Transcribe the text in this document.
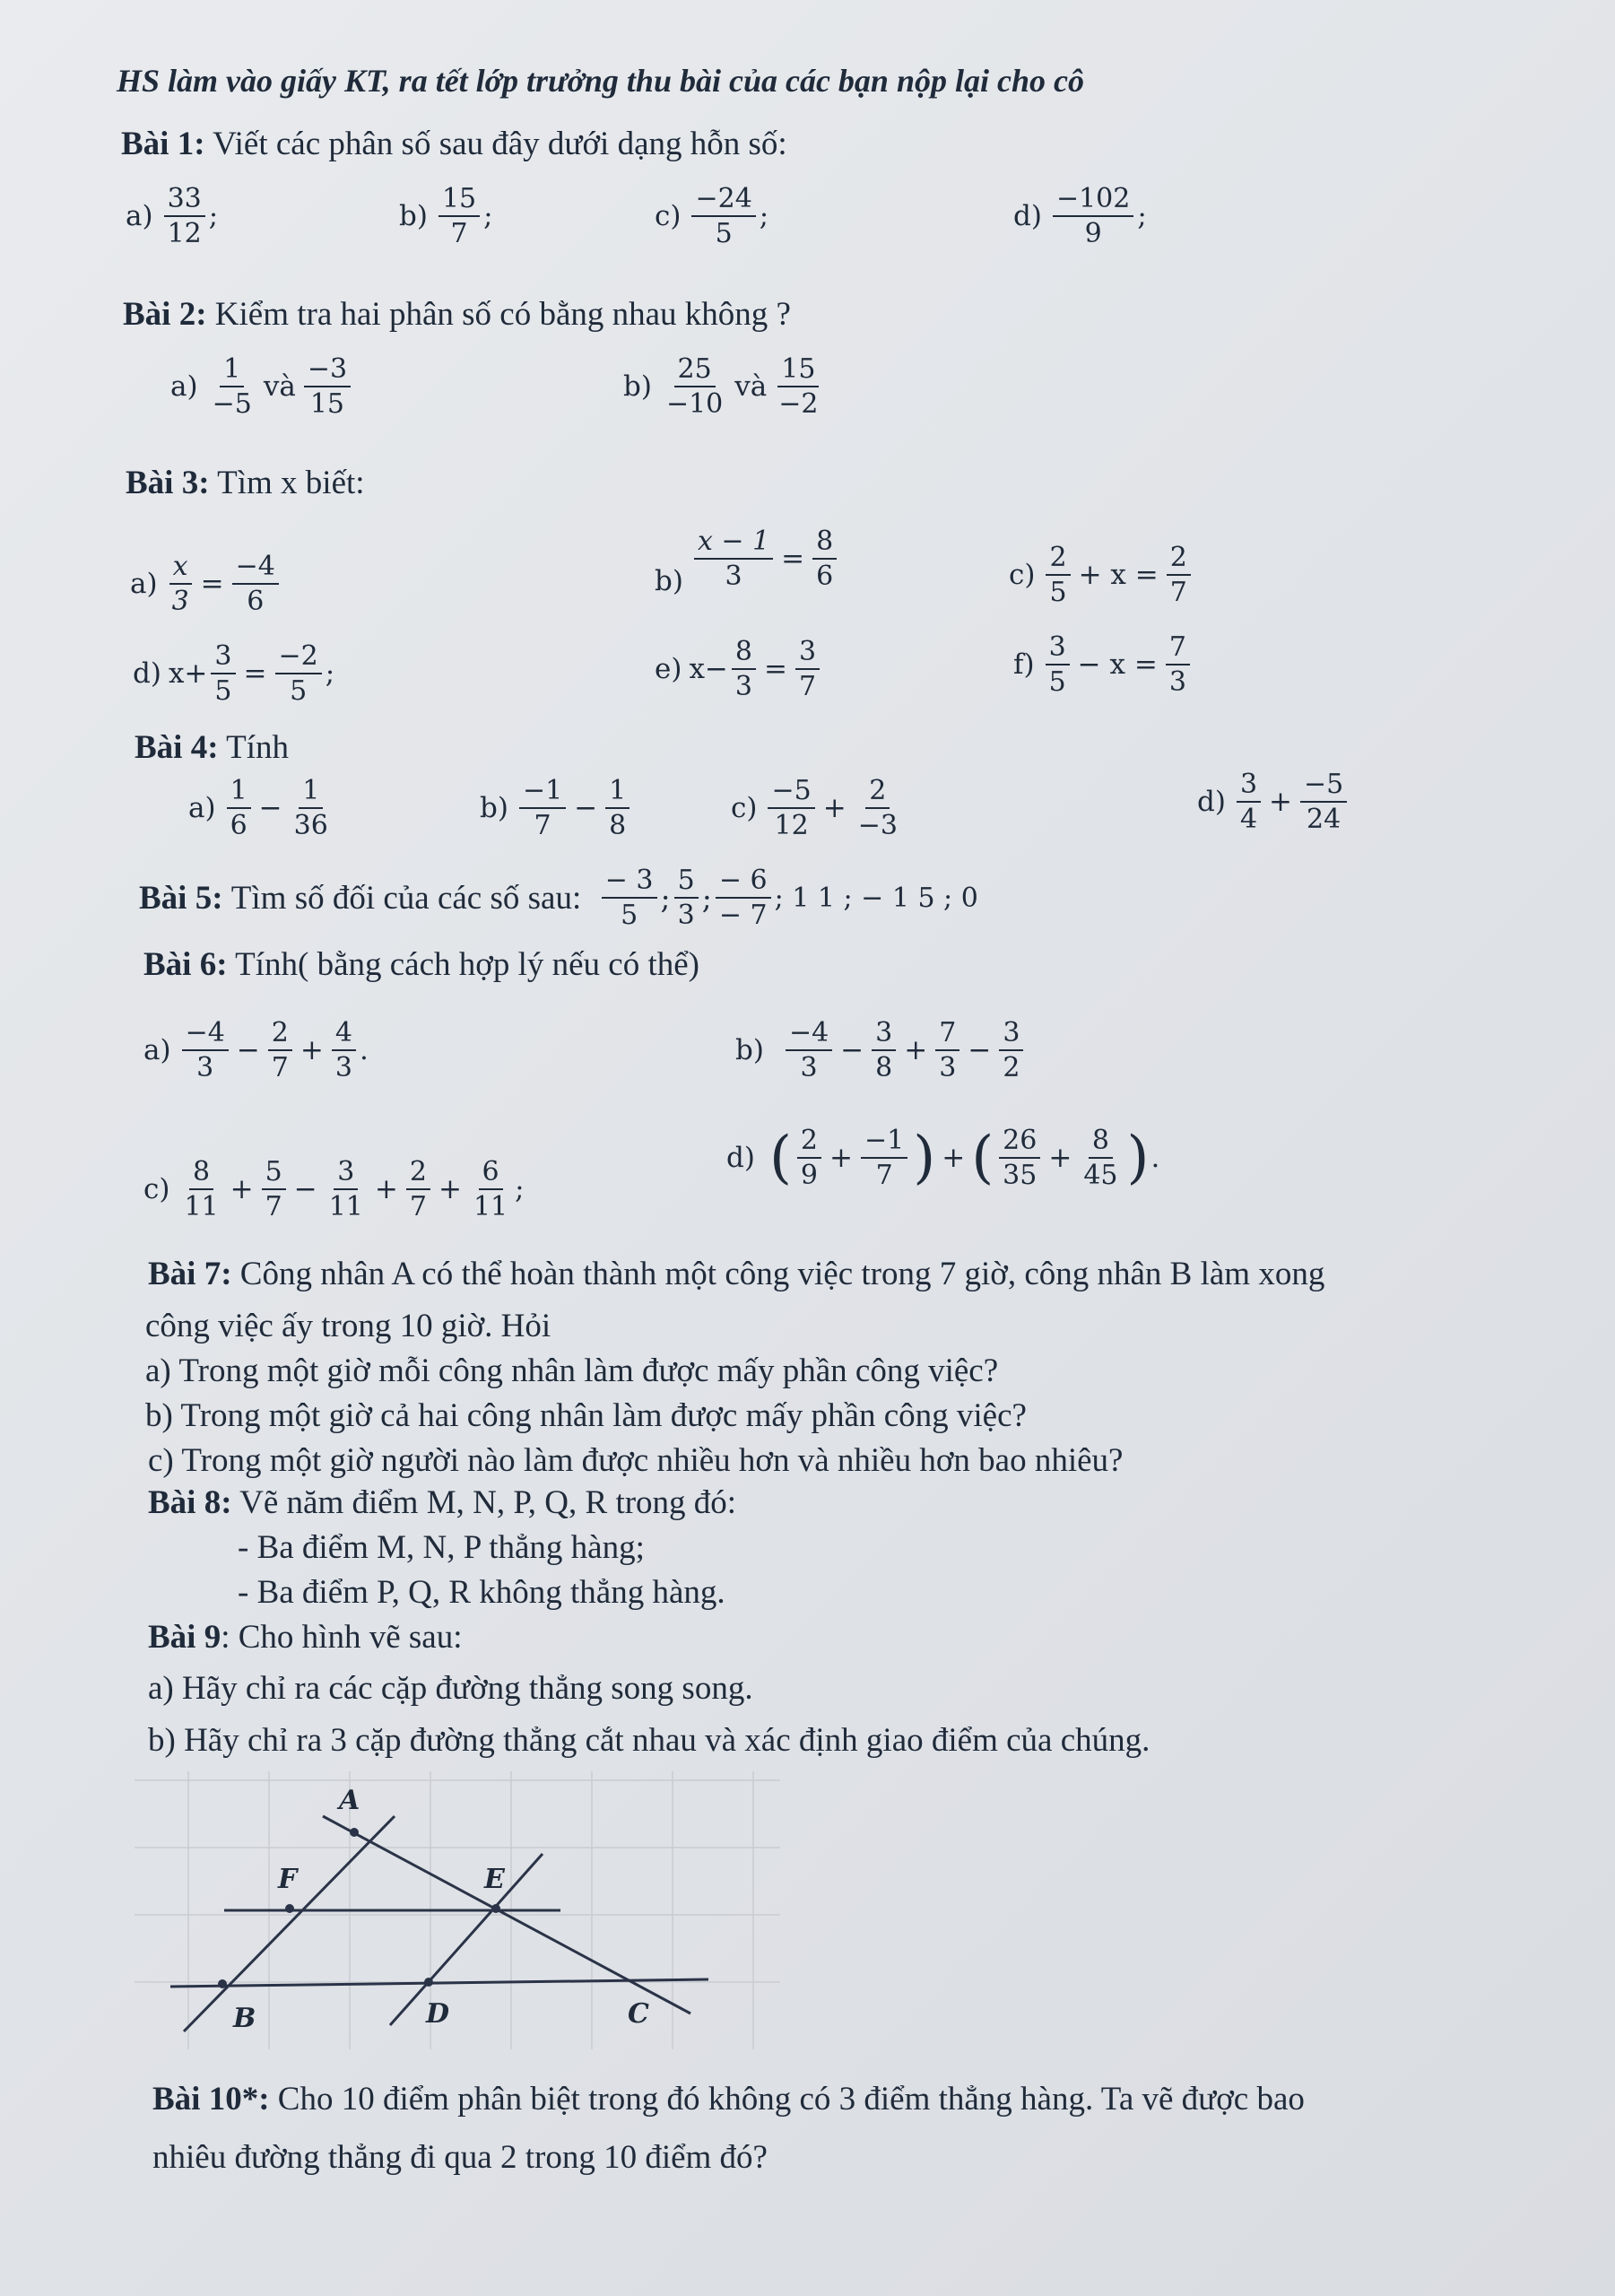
HS làm vào giấy KT, ra tết lớp trưởng thu bài của các bạn nộp lại cho cô
Bài 1: Viết các phân số sau đây dưới dạng hỗn số:
$a) \frac{33}{12}$ ;	$b) \frac{15}{7}$ ;	$c) \frac{-24}{5}$ ;	$d) \frac{-102}{9}$ ;
Bài 2: Kiểm tra hai phân số có bằng nhau không ?
$a) \frac{1}{-5}$ và $\frac{-3}{15}$	$b) \frac{25}{-10}$ và $\frac{15}{-2}$
Bài 3: Tìm x biết:
$a) \frac{x}{3} = \frac{-4}{6}$	$b) \frac{x - 1}{3} = \frac{8}{6}$	$c) \frac{2}{5} + x = \frac{2}{7}$
d) $x+ \frac{3}{5} = \frac{-2}{5}$ ;	e) $x- \frac{8}{3} = \frac{3}{7}$	$f) \frac{3}{5} - x = \frac{7}{3}$
Bài 4: Tính
$a) \frac{1}{6} - \frac{1}{36}$	$b) \frac{-1}{7} - \frac{1}{8}$	$c) \frac{-5}{12} + \frac{2}{-3}$	$d) \frac{3}{4} + \frac{-5}{24}$
Bài 5:
Tìm số đối của các số sau:
$\frac{- 3}{5}$ ; $\frac{5}{3}$ ; $\frac{- 6}{- 7}$ ; 1 1 ; − 1 5 ; 0
Bài 6: Tính( bằng cách hợp lý nếu có thể)
$a) \frac{-4}{3} - \frac{2}{7} + \frac{4}{3}$ .	$b) \frac{-4}{3} - \frac{3}{8} + \frac{7}{3} - \frac{3}{2}$
$c) \frac{8}{11} + \frac{5}{7} - \frac{3}{11} + \frac{2}{7} + \frac{6}{11}$ ;
d) ( $\frac{2}{9} + \frac{-1}{7}$ ) + ( $\frac{26}{35} + \frac{8}{45}$ ) .
Bài 7: Công nhân A có thể hoàn thành một công việc trong 7 giờ, công nhân B làm xong
công việc ấy trong 10 giờ. Hỏi
a) Trong một giờ mỗi công nhân làm được mấy phần công việc?
b) Trong một giờ cả hai công nhân làm được mấy phần công việc?
c) Trong một giờ người nào làm được nhiều hơn và nhiều hơn bao nhiêu?
Bài 8: Vẽ năm điểm M, N, P, Q, R trong đó:
- Ba điểm M, N, P thẳng hàng;
- Ba điểm P, Q, R không thẳng hàng.
Bài 9: Cho hình vẽ sau:
a) Hãy chỉ ra các cặp đường thẳng song song.
b) Hãy chỉ ra 3 cặp đường thẳng cắt nhau và xác định giao điểm của chúng.
A
F	E
B	D	C
Bài 10*: Cho 10 điểm phân biệt trong đó không có 3 điểm thẳng hàng. Ta vẽ được bao
nhiêu đường thẳng đi qua 2 trong 10 điểm đó?
